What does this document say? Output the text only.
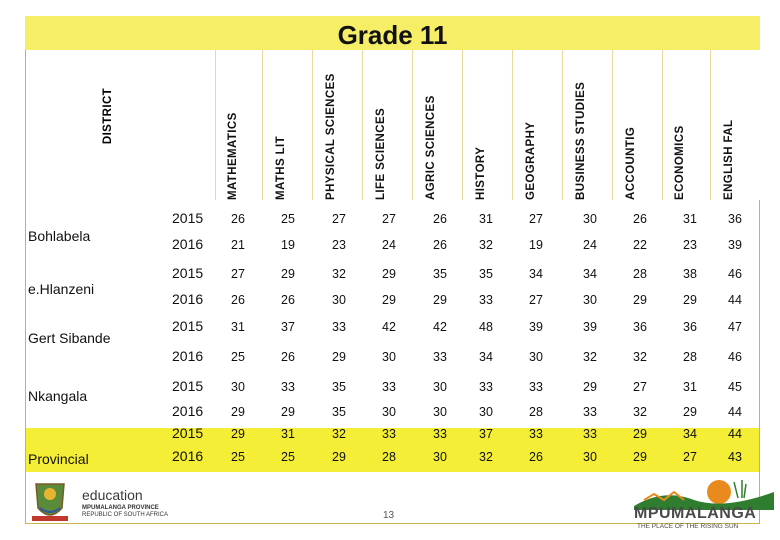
Grade 11
MATHEMATICS	MATHS LIT	PHYSICAL SCIENCES	LIFE SCIENCES	AGRIC SCIENCES	HISTORY	GEOGRAPHY	BUSINESS STUDIES	ACCOUNTIG	ECONOMICS	ENGLISH FAL
DISTRICT
Bohlabela
2015	26	25	27	27	26	31	27	30	26	31	36
2016	21	19	23	24	26	32	19	24	22	23	39
e.Hlanzeni
2015	27	29	32	29	35	35	34	34	28	38	46
2016	26	26	30	29	29	33	27	30	29	29	44
Gert Sibande
2015	31	37	33	42	42	48	39	39	36	36	47
2016	25	26	29	30	33	34	30	32	32	28	46
Nkangala
2015	30	33	35	33	30	33	33	29	27	31	45
2016	29	29	35	30	30	30	28	33	32	29	44
Provincial
2015	29	31	32	33	33	37	33	33	29	34	44
2016	25	25	29	28	30	32	26	30	29	27	43
education
MPUMALANGA PROVINCE
REPUBLIC OF SOUTH AFRICA	13	MPUMALANGA
THE PLACE OF THE RISING SUN
